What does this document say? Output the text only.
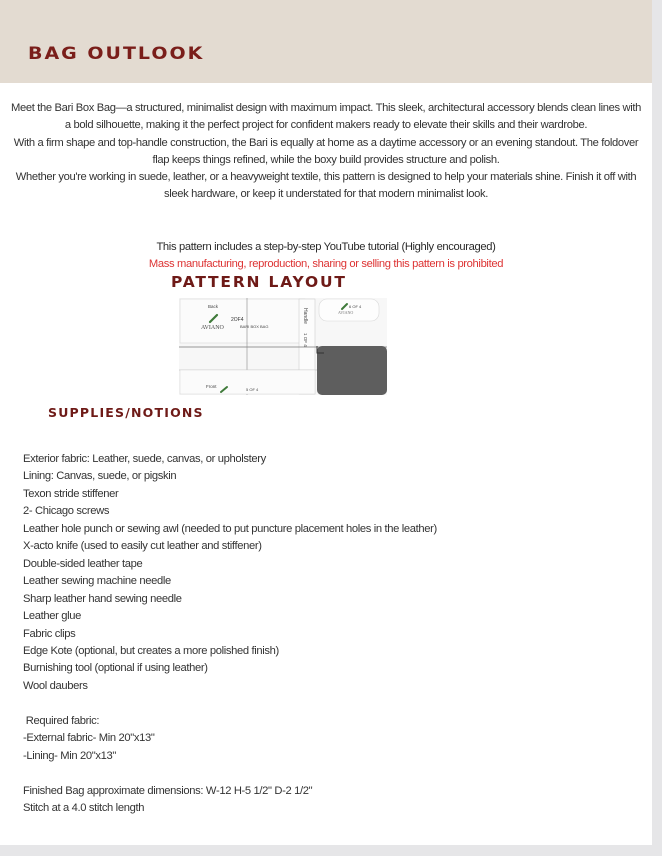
BAG OUTLOOK

Meet the Bari Box Bag—a structured, minimalist design with maximum impact. This sleek, architectural accessory blends clean lines with a bold silhouette, making it the perfect project for confident makers ready to elevate their skills and their wardrobe.

With a firm shape and top-handle construction, the Bari is equally at home as a daytime accessory or an evening standout. The foldover flap keeps things refined, while the boxy build provides structure and polish.

Whether you're working in suede, leather, or a heavyweight textile, this pattern is designed to help your materials shine. Finish it off with sleek hardware, or keep it understated for that modern minimalist look.

This pattern includes a step-by-step YouTube tutorial (Highly encouraged)

Mass manufacturing, reproduction, sharing or selling this pattern is prohibited

PATTERN LAYOUT
Back
2OF4
AVIANO	BARI BOX BAG
Handle
1 OF 4
6 OF 4
AVIANO
Front
5 OF 4
SUPPLIES/NOTIONS

Exterior fabric: Leather, suede, canvas, or upholstery

Lining: Canvas, suede, or pigskin

Texon stride stiffener

2- Chicago screws

Leather hole punch or sewing awl (needed to put puncture placement holes in the leather)

X-acto knife (used to easily cut leather and stiffener)

Double-sided leather tape

Leather sewing machine needle

Sharp leather hand sewing needle

Leather glue

Fabric clips

Edge Kote (optional, but creates a more polished finish)

Burnishing tool (optional if using leather)

Wool daubers

Required fabric:

-External fabric- Min 20"x13"

-Lining- Min 20"x13"

Finished Bag approximate dimensions: W-12 H-5 1/2" D-2 1/2"

Stitch at a 4.0 stitch length
